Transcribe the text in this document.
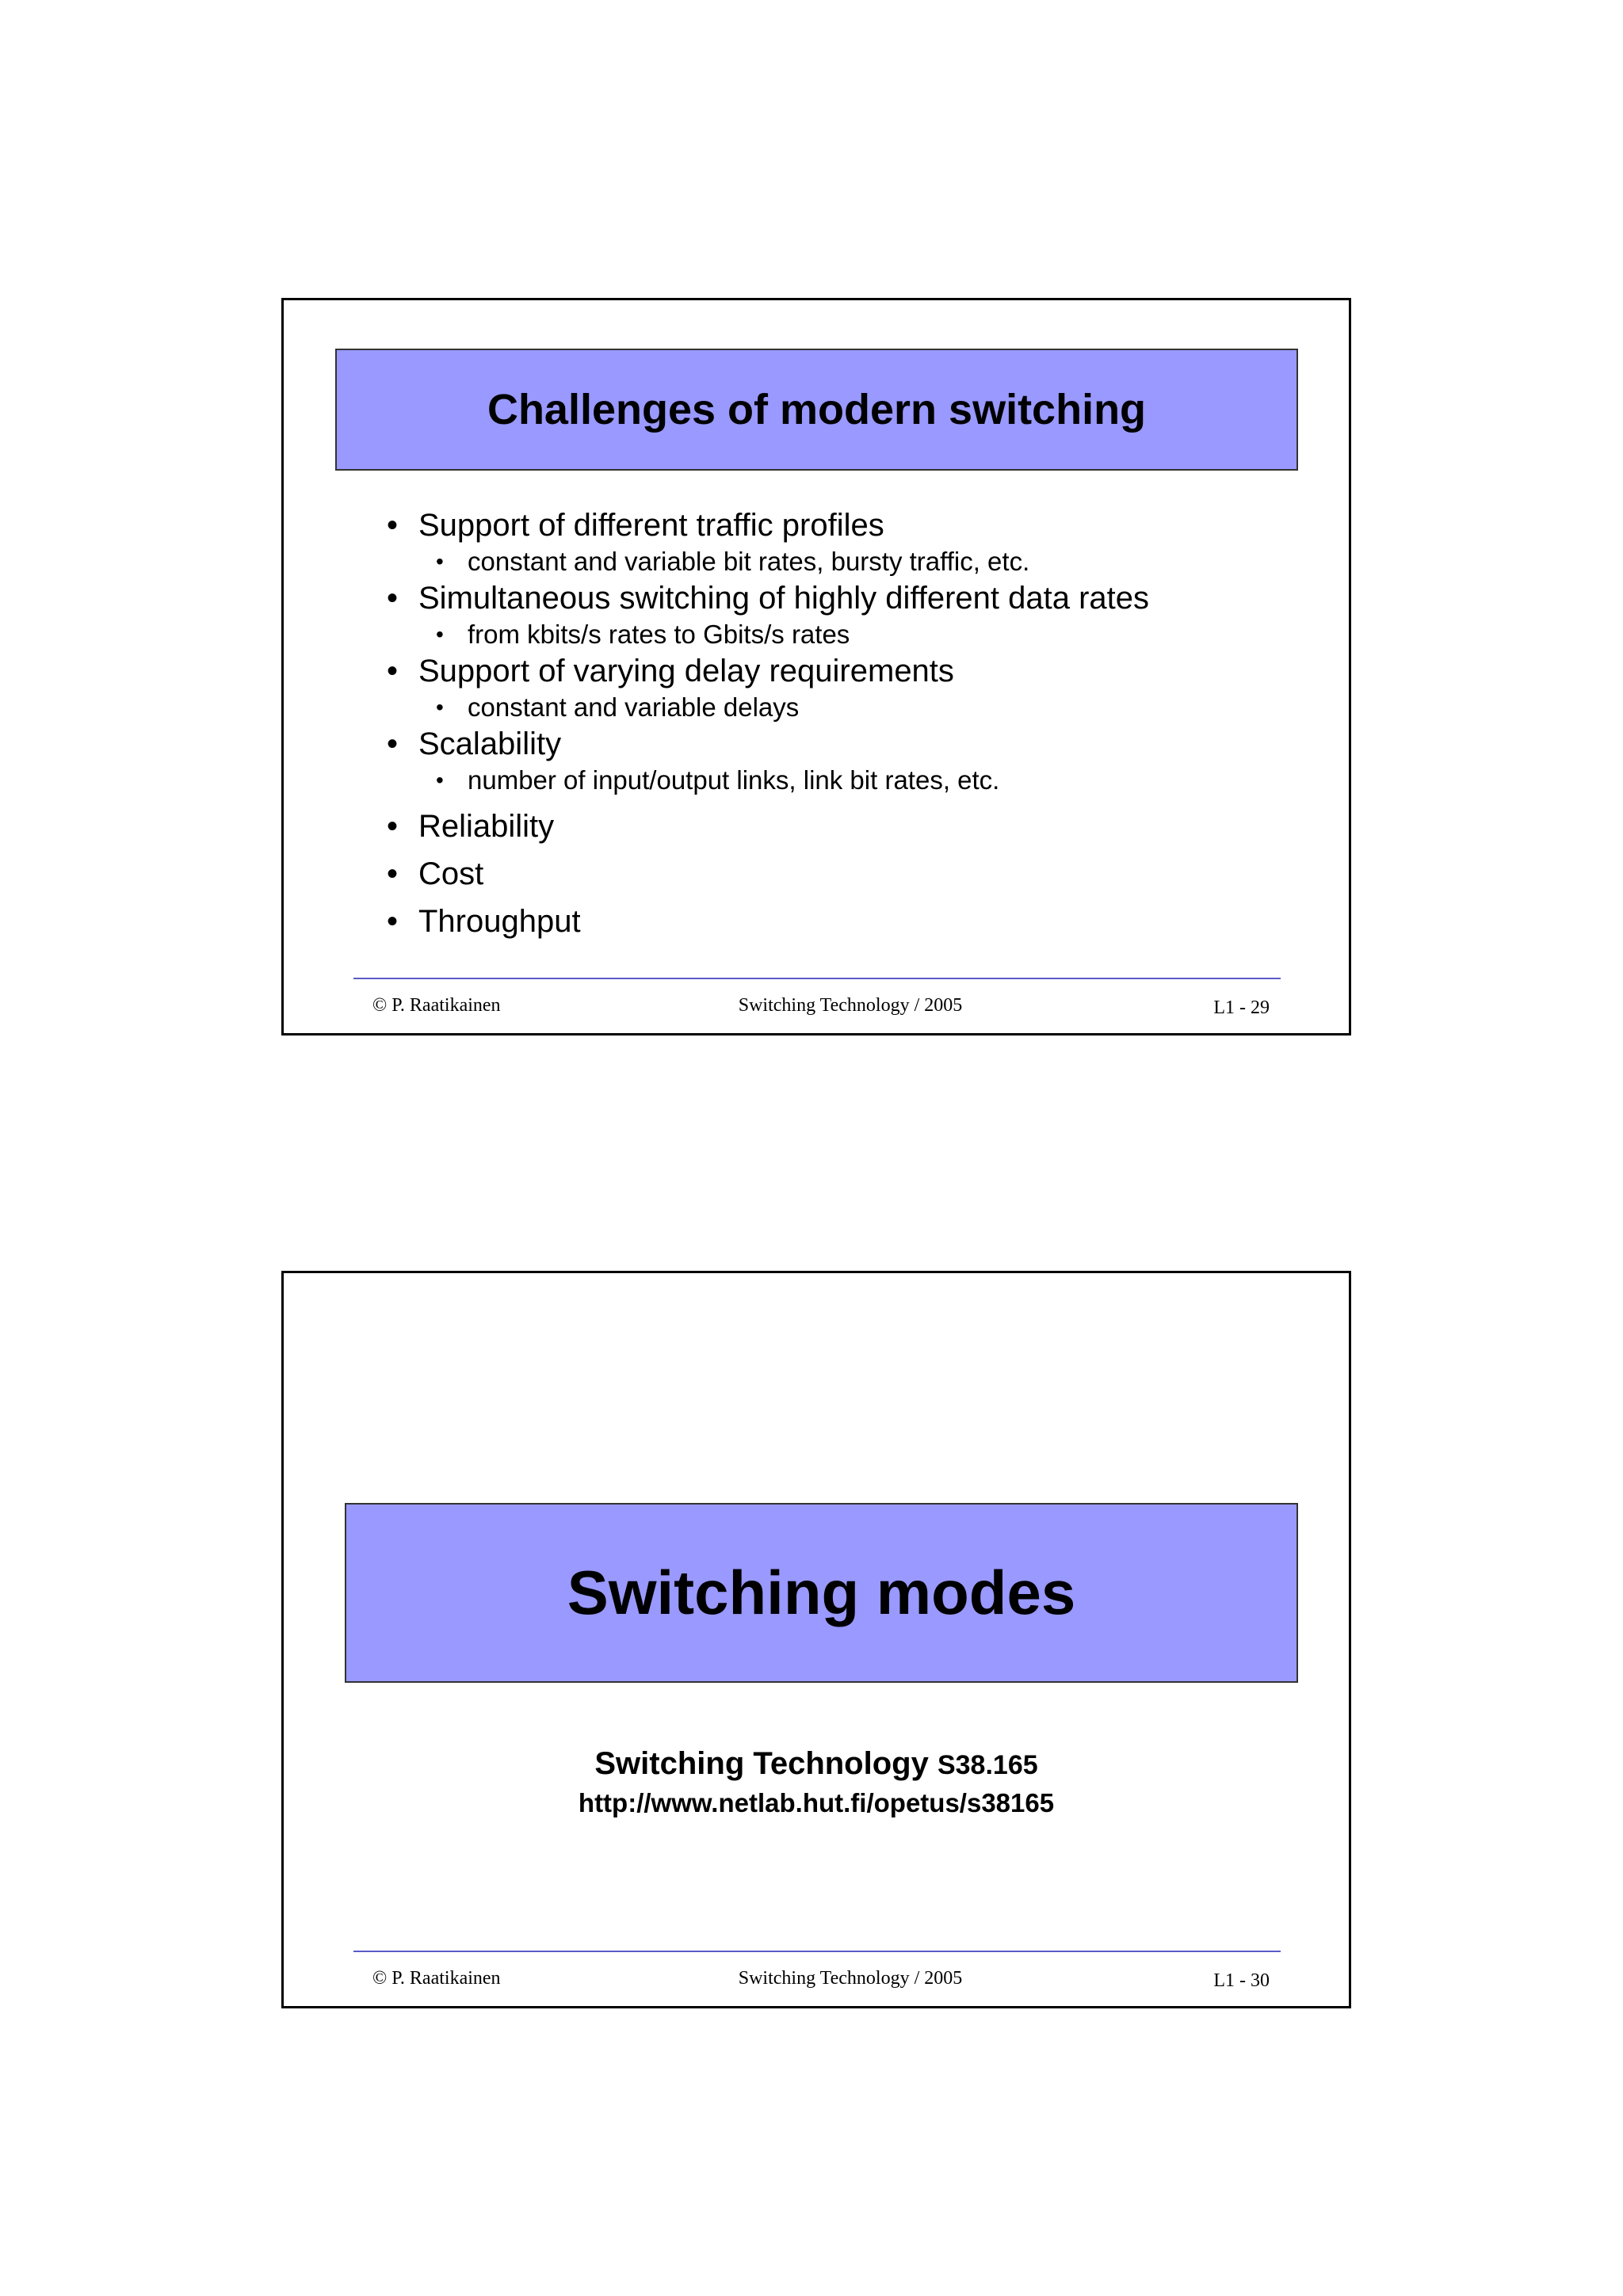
Challenges of modern switching
• Support of different traffic profiles
• constant and variable bit rates, bursty traffic, etc.
• Simultaneous switching of highly different data rates
• from kbits/s rates to Gbits/s rates
• Support of varying delay requirements
• constant and variable delays
• Scalability
• number of input/output links, link bit rates, etc.
• Reliability
• Cost
• Throughput
© P. Raatikainen	Switching Technology / 2005	L1 - 29
Switching modes
Switching Technology S38.165
http://www.netlab.hut.fi/opetus/s38165
© P. Raatikainen	Switching Technology / 2005	L1 - 30
